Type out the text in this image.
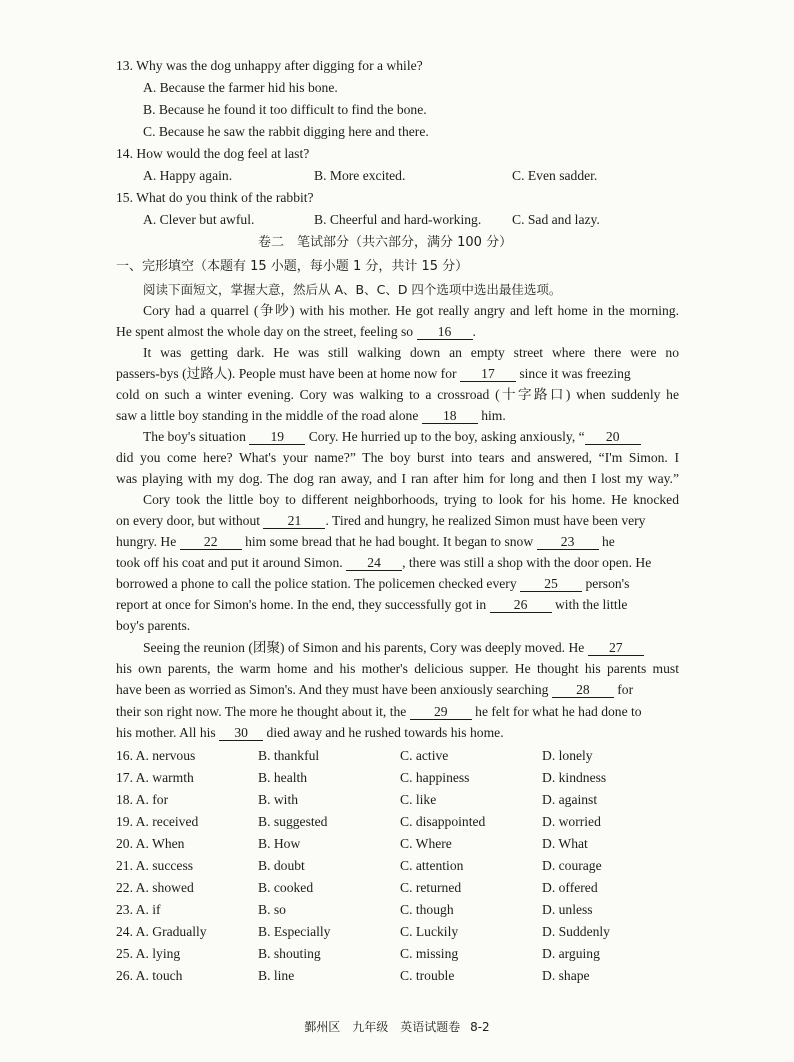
13. Why was the dog unhappy after digging for a while?
A. Because the farmer hid his bone.
B. Because he found it too difficult to find the bone.
C. Because he saw the rabbit digging here and there.
14. How would the dog feel at last?
A. Happy again.	B. More excited.	C. Even sadder.
15. What do you think of the rabbit?
A. Clever but awful.	B. Cheerful and hard-working. C. Sad and lazy.
卷二　笔试部分（共六部分，满分 100 分）
一、完形填空（本题有 15 小题，每小题 1 分，共计 15 分）
阅读下面短文，掌握大意，然后从 A、B、C、D 四个选项中选出最佳选项。
Cory had a quarrel (争吵) with his mother. He got really angry and left home in the morning.
He spent almost the whole day on the street, feeling so 16 .
It was getting dark. He was still walking down an empty street where there were no
passers-bys (过路人). People must have been at home now for 17 since it was freezing
cold on such a winter evening. Cory was walking to a crossroad (十字路口) when suddenly he
saw a little boy standing in the middle of the road alone 18 him.
The boy's situation 19 Cory. He hurried up to the boy, asking anxiously, “ 20
did you come here? What's your name?” The boy burst into tears and answered, “I'm Simon. I
was playing with my dog. The dog ran away, and I ran after him for long and then I lost my way.”
Cory took the little boy to different neighborhoods, trying to look for his home. He knocked
on every door, but without 21 . Tired and hungry, he realized Simon must have been very
hungry. He 22 him some bread that he had bought. It began to snow 23 he
took off his coat and put it around Simon. 24 , there was still a shop with the door open. He
borrowed a phone to call the police station. The policemen checked every 25 person's
report at once for Simon's home. In the end, they successfully got in 26 with the little
boy's parents.
Seeing the reunion (团聚) of Simon and his parents, Cory was deeply moved. He 27
his own parents, the warm home and his mother's delicious supper. He thought his parents must
have been as worried as Simon's. And they must have been anxiously searching 28 for
their son right now. The more he thought about it, the 29 he felt for what he had done to
his mother. All his 30 died away and he rushed towards his home.
16. A. nervous	B. thankful	C. active	D. lonely
17. A. warmth	B. health	C. happiness	D. kindness
18. A. for	B. with	C. like	D. against
19. A. received	B. suggested	C. disappointed	D. worried
20. A. When	B. How	C. Where	D. What
21. A. success	B. doubt	C. attention	D. courage
22. A. showed	B. cooked	C. returned	D. offered
23. A. if	B. so	C. though	D. unless
24. A. Gradually	B. Especially	C. Luckily	D. Suddenly
25. A. lying	B. shouting	C. missing	D. arguing
26. A. touch	B. line	C. trouble	D. shape
鄞州区　九年级　英语试题卷 8-2
